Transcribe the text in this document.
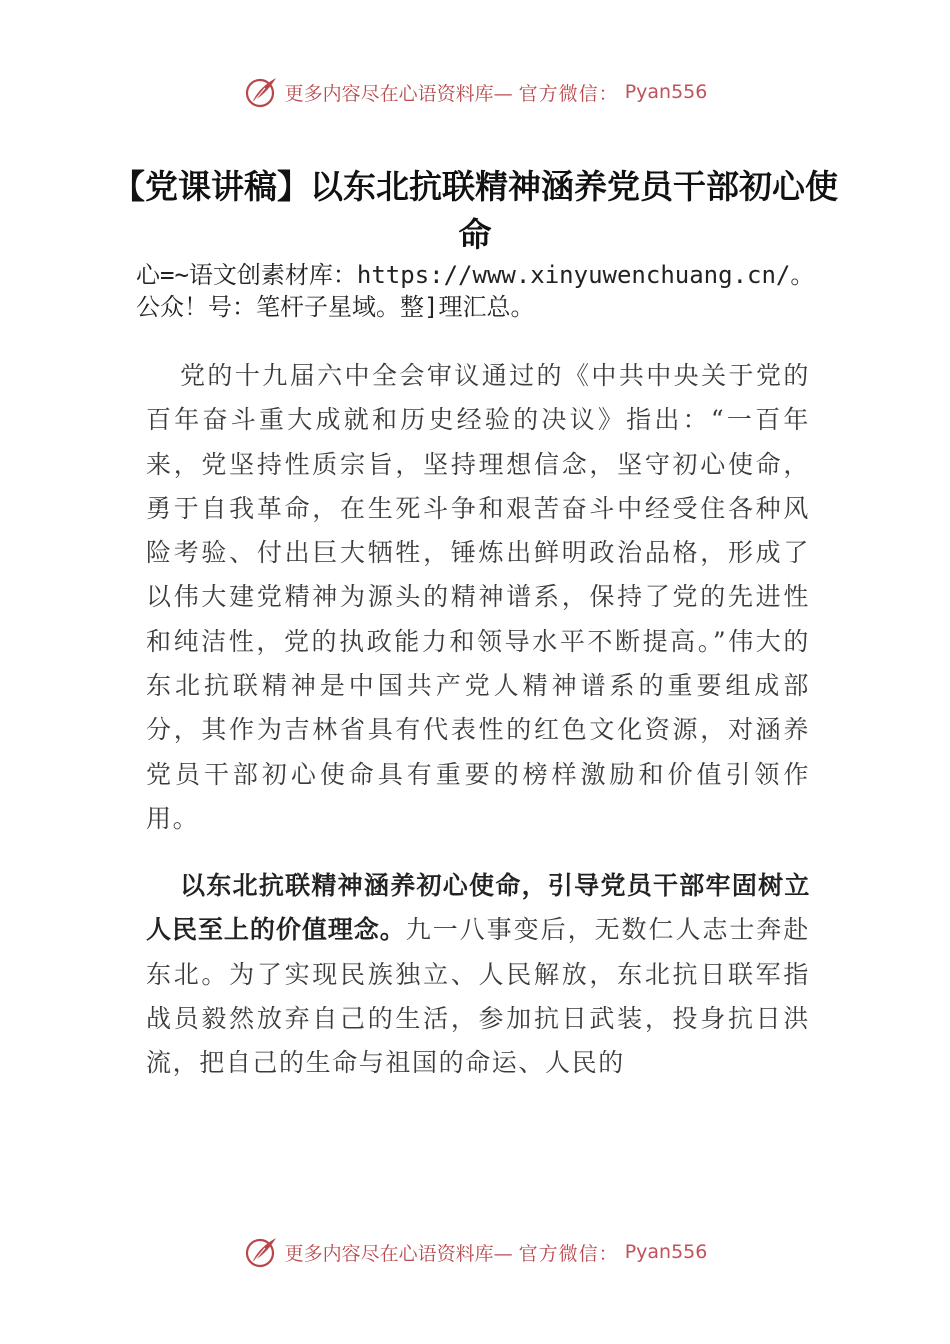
更多内容尽在心语资料库— 官方微信： Pyan556
【党课讲稿】以东北抗联精神涵养党员干部初心使命

心=~语文创素材库：https://www.xinyuwenchuang.cn/。公众！号：笔杆子星域。整]理汇总。

党的十九届六中全会审议通过的《中共中央关于党的百年奋斗重大成就和历史经验的决议》指出：“一百年来，党坚持性质宗旨，坚持理想信念，坚守初心使命，勇于自我革命，在生死斗争和艰苦奋斗中经受住各种风险考验、付出巨大牺牲，锤炼出鲜明政治品格，形成了以伟大建党精神为源头的精神谱系，保持了党的先进性和纯洁性，党的执政能力和领导水平不断提高。”伟大的东北抗联精神是中国共产党人精神谱系的重要组成部分，其作为吉林省具有代表性的红色文化资源，对涵养党员干部初心使命具有重要的榜样激励和价值引领作用。

以东北抗联精神涵养初心使命，引导党员干部牢固树立人民至上的价值理念。九一八事变后，无数仁人志士奔赴东北。为了实现民族独立、人民解放，东北抗日联军指战员毅然放弃自己的生活，参加抗日武装，投身抗日洪流，把自己的生命与祖国的命运、人民的

更多内容尽在心语资料库— 官方微信： Pyan556
